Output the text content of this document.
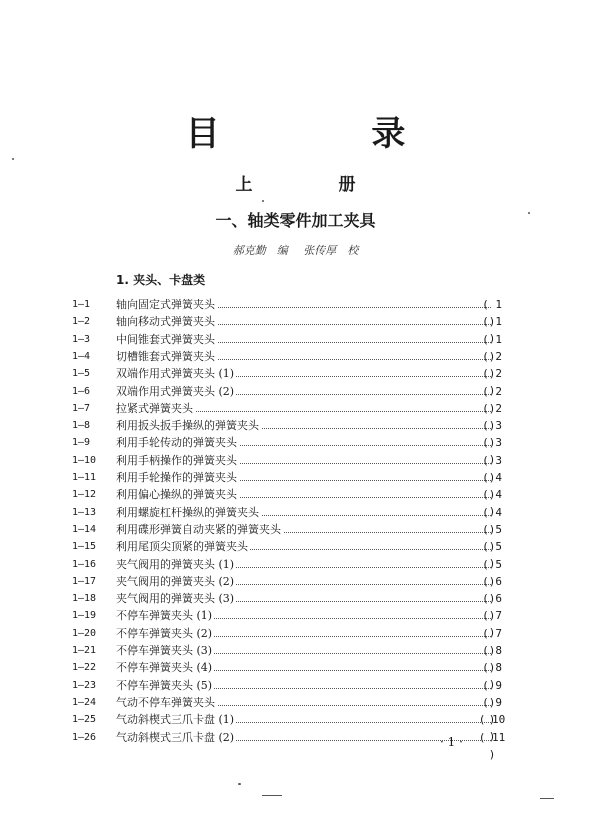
目 录
上 册
一、轴类零件加工夹具
郝克勤　编 张传厚　校
1. 夹头、卡盘类
1—1	轴向固定式弹簧夹头	( 1 )
1—2	轴向移动式弹簧夹头	( 1 )
1—3	中间锥套式弹簧夹头	( 1 )
1—4	切槽锥套式弹簧夹头	( 2 )
1—5	双端作用式弹簧夹头 (1)	( 2 )
1—6	双端作用式弹簧夹头 (2)	( 2 )
1—7	拉紧式弹簧夹头	( 2 )
1—8	利用扳头扳手操纵的弹簧夹头	( 3 )
1—9	利用手轮传动的弹簧夹头	( 3 )
1—10	利用手柄操作的弹簧夹头	( 3 )
1—11	利用手轮操作的弹簧夹头	( 4 )
1—12	利用偏心操纵的弹簧夹头	( 4 )
1—13	利用螺旋杠杆操纵的弹簧夹头	( 4 )
1—14	利用碟形弹簧自动夹紧的弹簧夹头	( 5 )
1—15	利用尾顶尖顶紧的弹簧夹头	( 5 )
1—16	夹气阀用的弹簧夹头 (1)	( 5 )
1—17	夹气阀用的弹簧夹头 (2)	( 6 )
1—18	夹气阀用的弹簧夹头 (3)	( 6 )
1—19	不停车弹簧夹头 (1)	( 7 )
1—20	不停车弹簧夹头 (2)	( 7 )
1—21	不停车弹簧夹头 (3)	( 8 )
1—22	不停车弹簧夹头 (4)	( 8 )
1—23	不停车弹簧夹头 (5)	( 9 )
1—24	气动不停车弹簧夹头	( 9 )
1—25	气动斜楔式三爪卡盘 (1)	( 10 )
1—26	气动斜楔式三爪卡盘 (2)	( 11 )
· 1 ·
